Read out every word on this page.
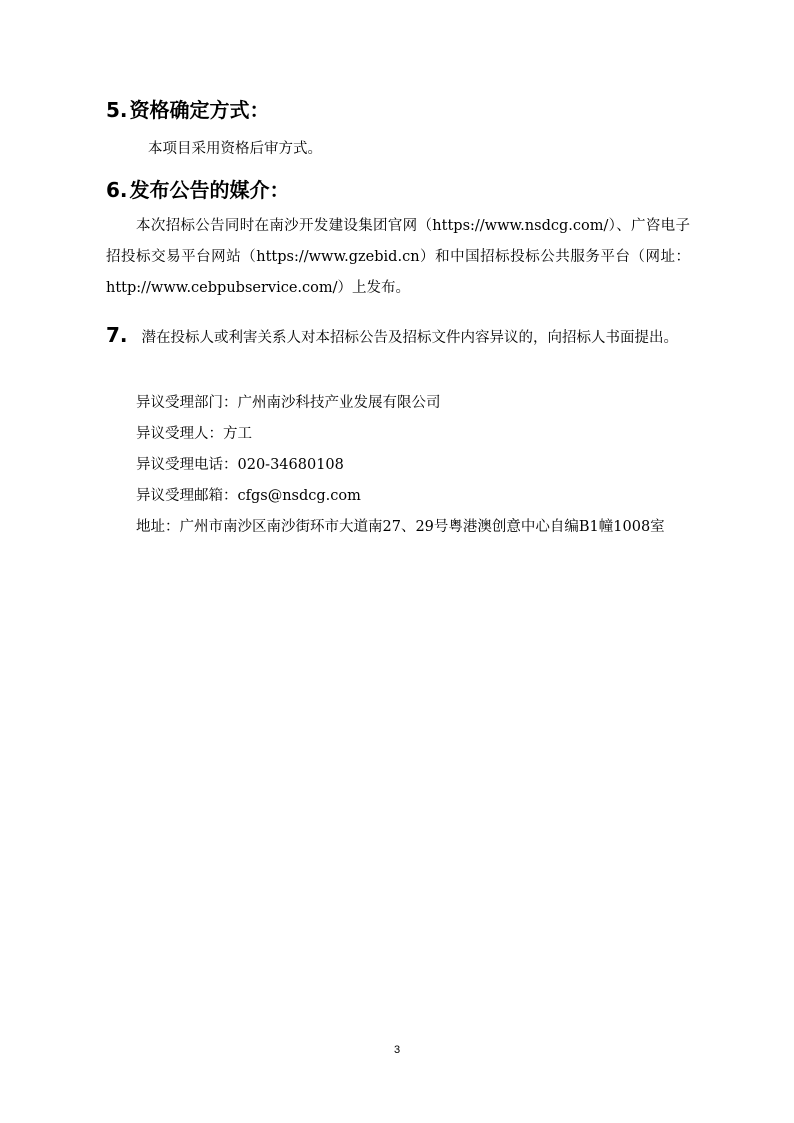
5. 资格确定方式：
本项目采用资格后审方式。
6. 发布公告的媒介：
本次招标公告同时在南沙开发建设集团官网（https://www.nsdcg.com/）、广咨电子招投标交易平台网站（https://www.gzebid.cn）和中国招标投标公共服务平台（网址：http://www.cebpubservice.com/）上发布。
7. 潜在投标人或利害关系人对本招标公告及招标文件内容异议的，向招标人书面提出。
异议受理部门：广州南沙科技产业发展有限公司
异议受理人：方工
异议受理电话：020-34680108
异议受理邮箱：cfgs@nsdcg.com
地址：广州市南沙区南沙街环市大道南27、29号粤港澳创意中心自编B1幢1008室
3
